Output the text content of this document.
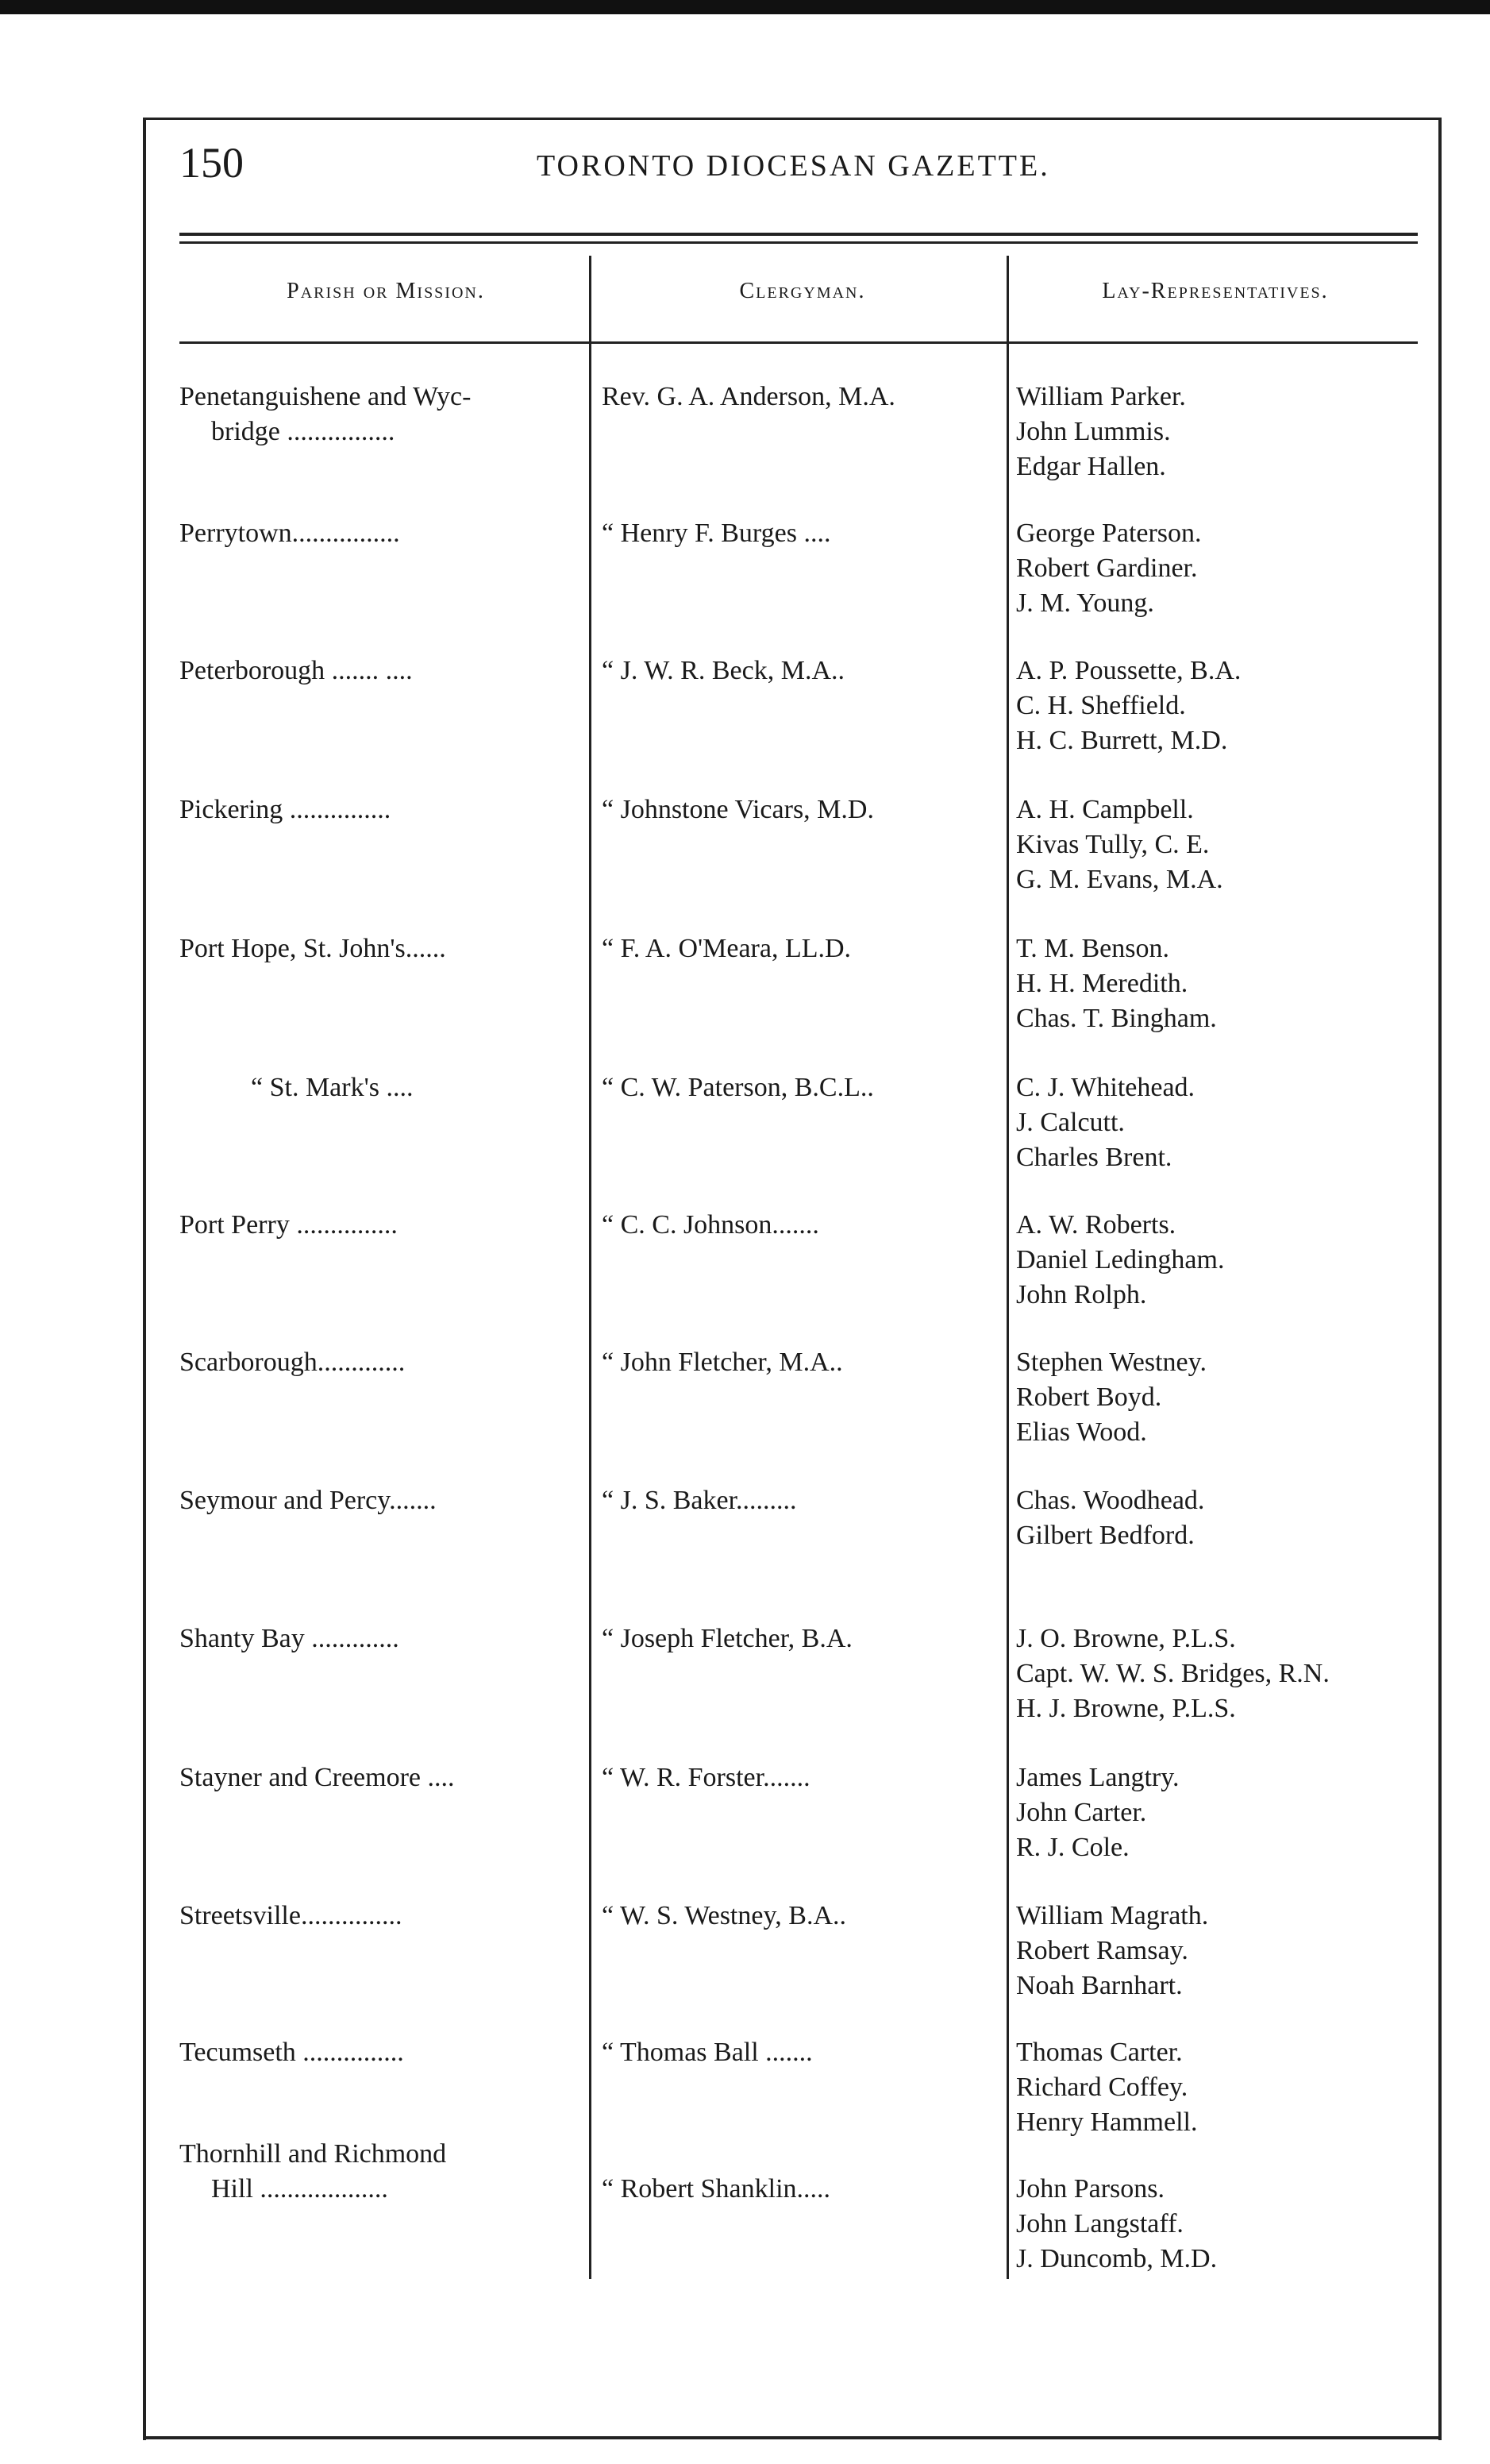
150	TORONTO DIOCESAN GAZETTE.
Parish or Mission.	Clergyman.	Lay-Representatives.
Penetanguishene and Wyc-
bridge ................
Rev. G. A. Anderson, M.A.	William Parker.
John Lummis.
Edgar Hallen.
Perrytown................	“ Henry F. Burges ....	George Paterson.
Robert Gardiner.
J. M. Young.
Peterborough ....... ....	“ J. W. R. Beck, M.A..	A. P. Poussette, B.A.
C. H. Sheffield.
H. C. Burrett, M.D.
Pickering ...............	“ Johnstone Vicars, M.D.	A. H. Campbell.
Kivas Tully, C. E.
G. M. Evans, M.A.
Port Hope, St. John's......	“ F. A. O'Meara, LL.D.	T. M. Benson.
H. H. Meredith.
Chas. T. Bingham.
“ St. Mark's ....	“ C. W. Paterson, B.C.L..	C. J. Whitehead.
J. Calcutt.
Charles Brent.
Port Perry ...............	“ C. C. Johnson.......	A. W. Roberts.
Daniel Ledingham.
John Rolph.
Scarborough.............	“ John Fletcher, M.A..	Stephen Westney.
Robert Boyd.
Elias Wood.
Seymour and Percy.......	“ J. S. Baker.........	Chas. Woodhead.
Gilbert Bedford.
Shanty Bay .............	“ Joseph Fletcher, B.A.	J. O. Browne, P.L.S.
Capt. W. W. S. Bridges, R.N.
H. J. Browne, P.L.S.
Stayner and Creemore ....	“ W. R. Forster.......	James Langtry.
John Carter.
R. J. Cole.
Streetsville...............	“ W. S. Westney, B.A..	William Magrath.
Robert Ramsay.
Noah Barnhart.
Tecumseth ...............	“ Thomas Ball .......	Thomas Carter.
Richard Coffey.
Henry Hammell.
Thornhill and Richmond
Hill ...................	“ Robert Shanklin.....	John Parsons.
John Langstaff.
J. Duncomb, M.D.
